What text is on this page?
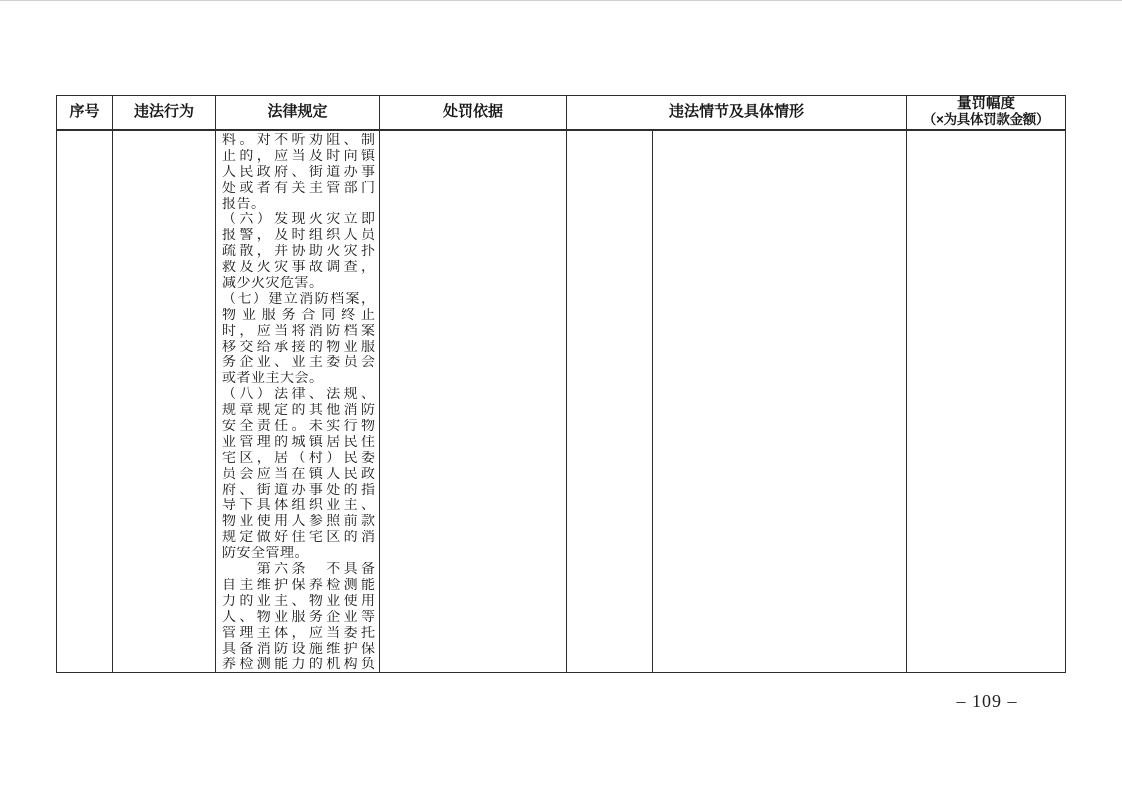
序号	违法行为	法律规定	处罚依据	违法情节及具体情形	量罚幅度
（×为具体罚款金额）
料。对不听劝阻、制
止的，应当及时向镇
人民政府、街道办事
处或者有关主管部门
报告。
（六）发现火灾立即
报警，及时组织人员
疏散，并协助火灾扑
救及火灾事故调查，
减少火灾危害。
（七）建立消防档案，
物业服务合同终止
时，应当将消防档案
移交给承接的物业服
务企业、业主委员会
或者业主大会。
（八）法律、法规、
规章规定的其他消防
安全责任。未实行物
业管理的城镇居民住
宅区，居（村）民委
员会应当在镇人民政
府、街道办事处的指
导下具体组织业主、
物业使用人参照前款
规定做好住宅区的消
防安全管理。
　　第六条　不具备
自主维护保养检测能
力的业主、物业使用
人、物业服务企业等
管理主体，应当委托
具备消防设施维护保
养检测能力的机构负
– 109 –
